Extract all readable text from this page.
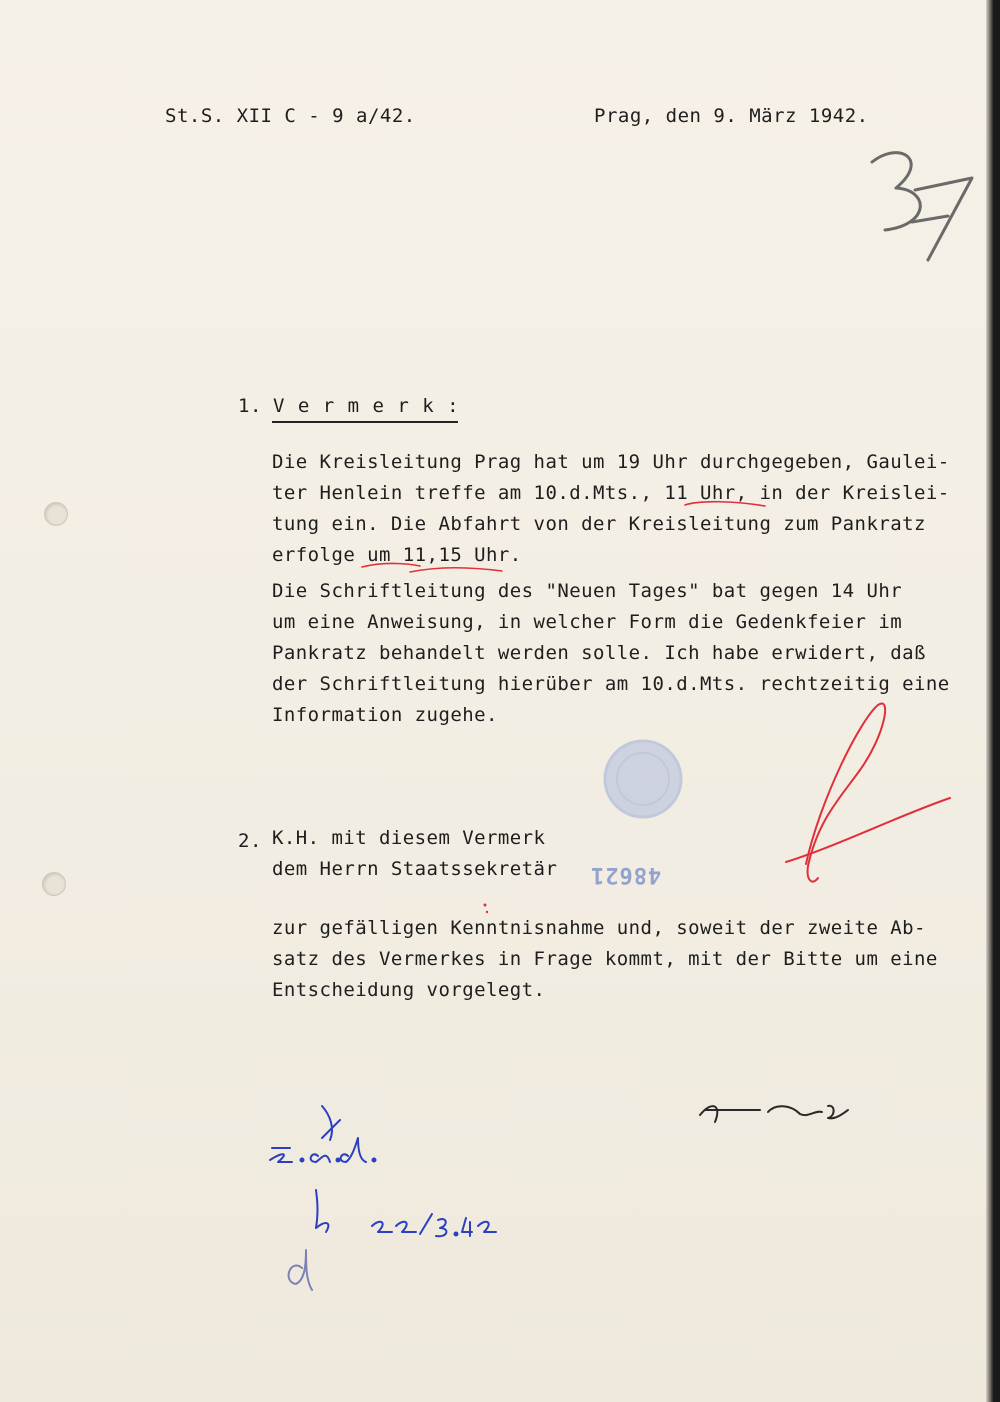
St.S. XII C - 9 a/42.	Prag, den 9. März 1942.
1. V e r m e r k :
Die Kreisleitung Prag hat um 19 Uhr durchgegeben, Gaulei-
ter Henlein treffe am 10.d.Mts., 11 Uhr, in der Kreislei-
tung ein. Die Abfahrt von der Kreisleitung zum Pankratz
erfolge um 11,15 Uhr.
Die Schriftleitung des "Neuen Tages" bat gegen 14 Uhr
um eine Anweisung, in welcher Form die Gedenkfeier im
Pankratz behandelt werden solle. Ich habe erwidert, daß
der Schriftleitung hierüber am 10.d.Mts. rechtzeitig eine
Information zugehe.
2. K.H. mit diesem Vermerk
dem Herrn Staatssekretär
zur gefälligen Kenntnisnahme und, soweit der zweite Ab-
satz des Vermerkes in Frage kommt, mit der Bitte um eine
Entscheidung vorgelegt.
48621
